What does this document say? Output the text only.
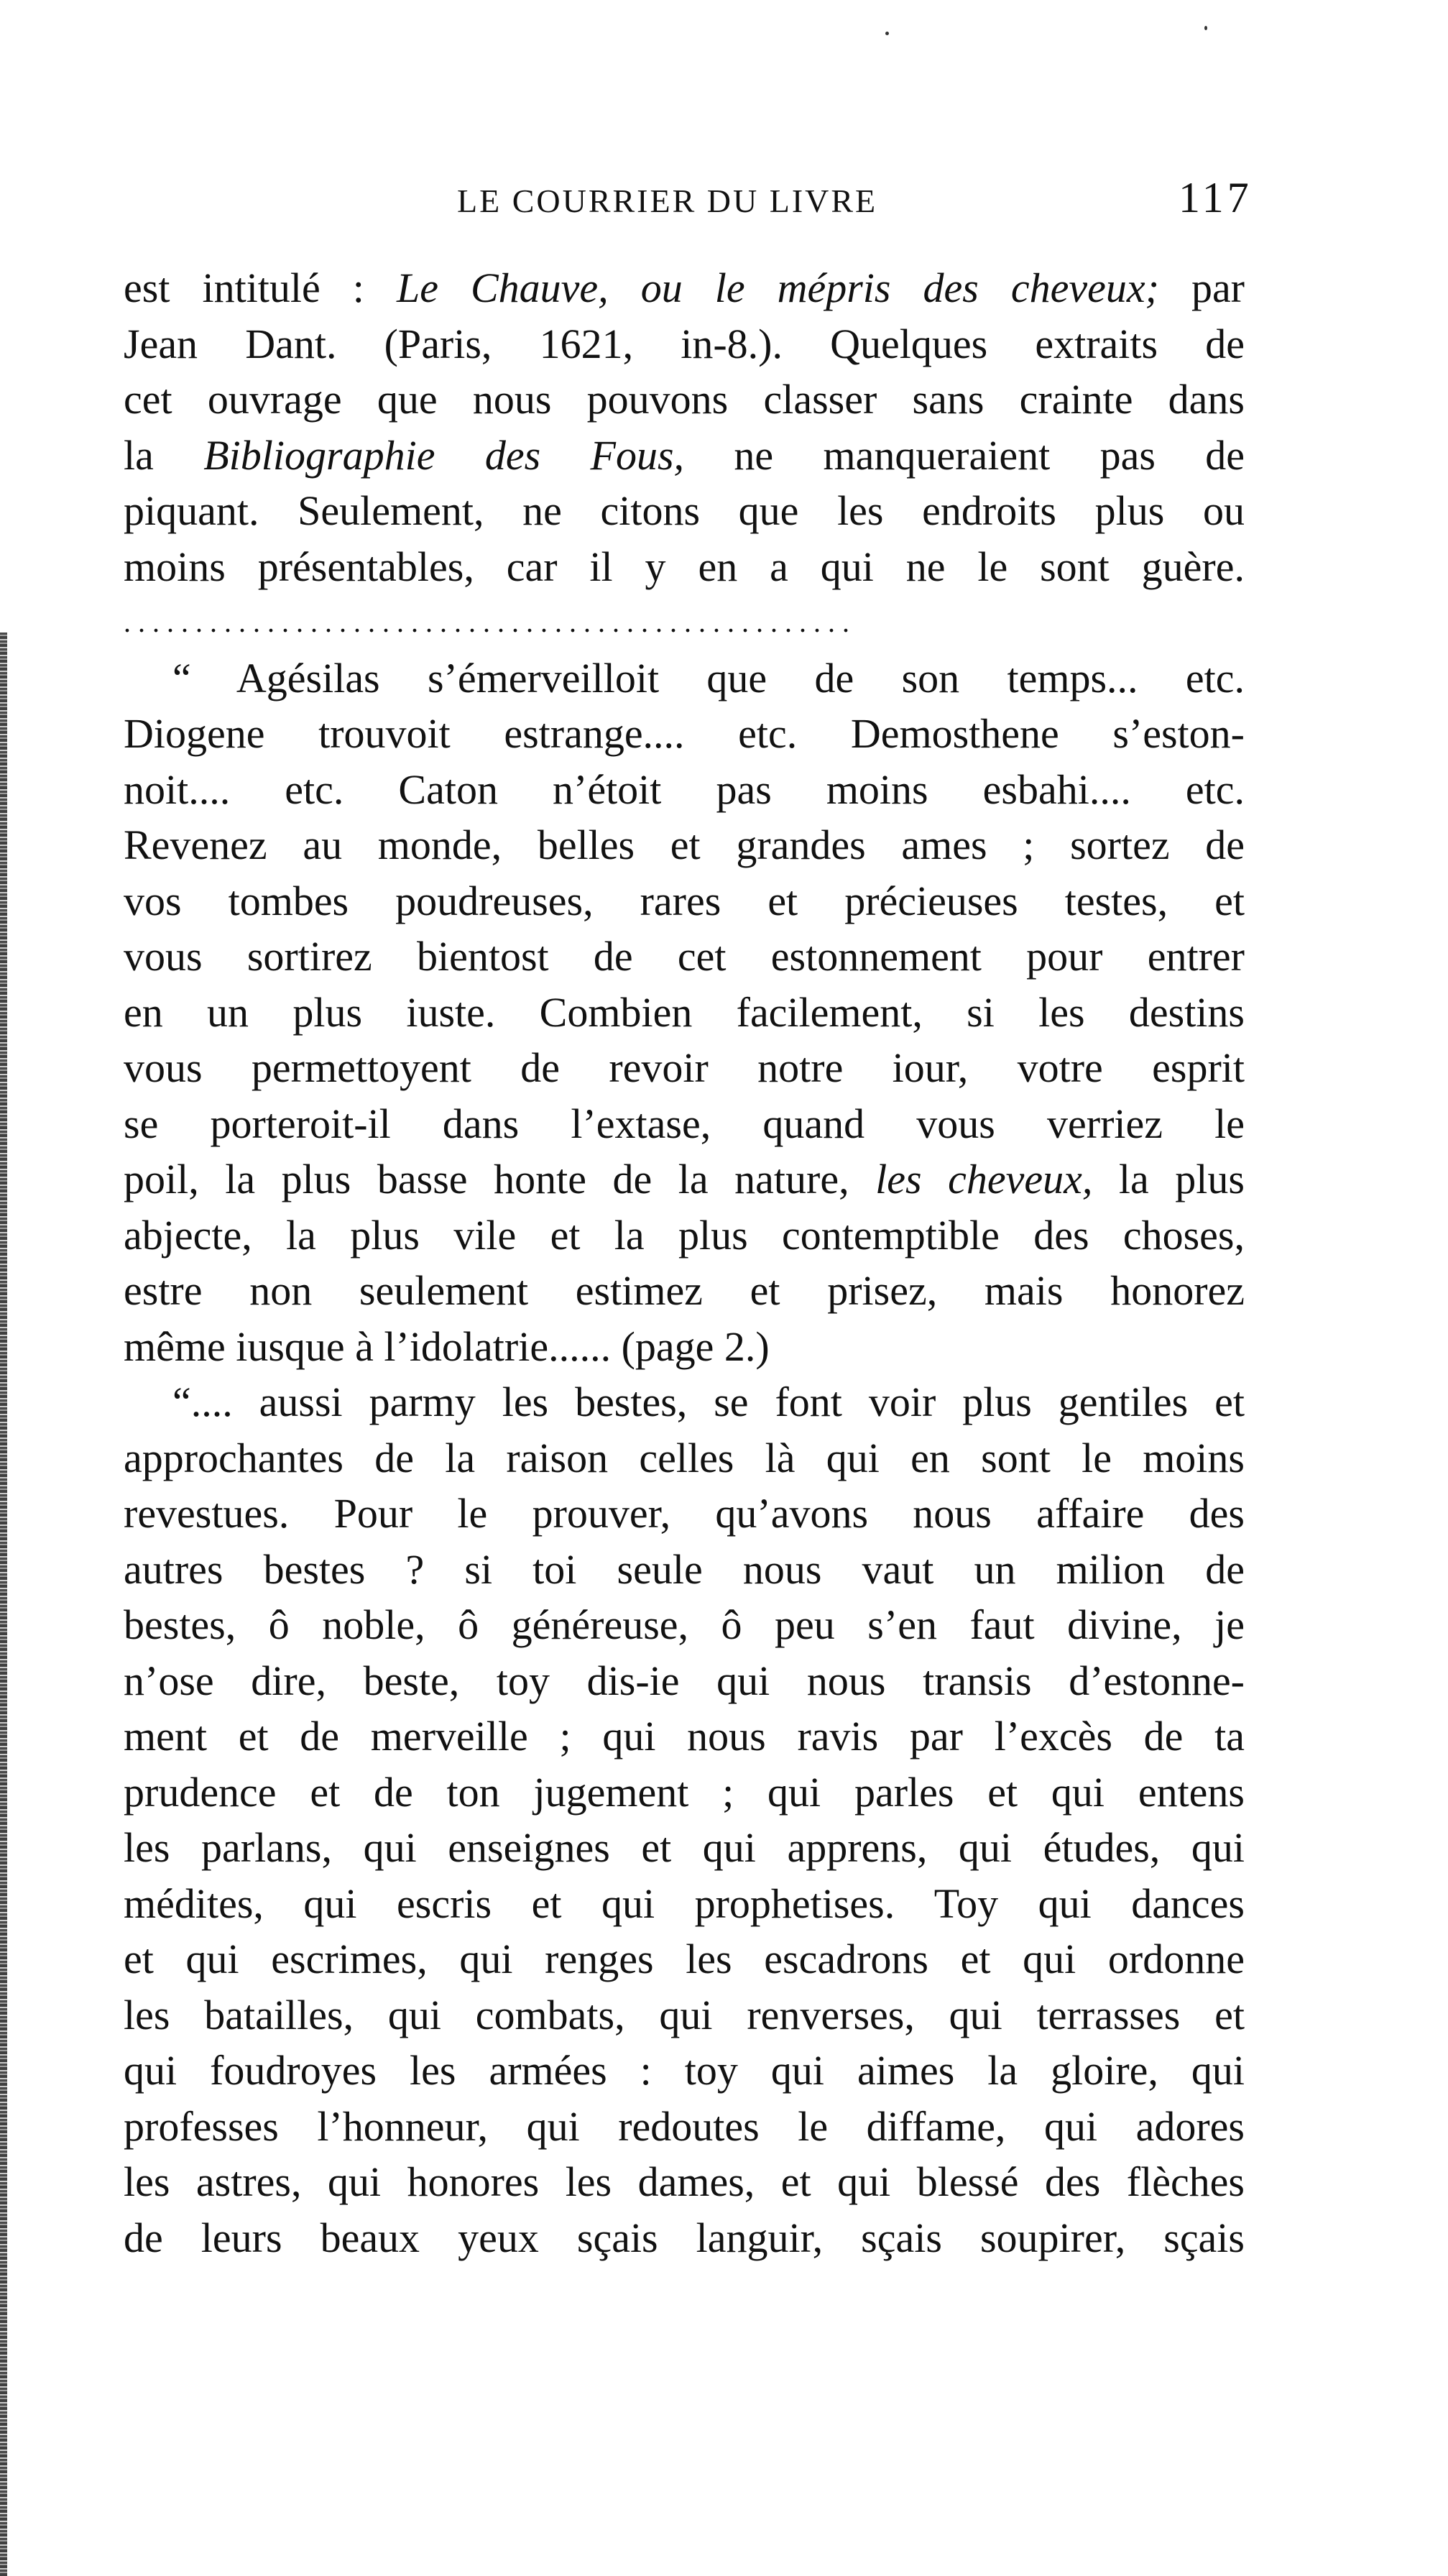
LE COURRIER DU LIVRE	117
est intitulé : Le Chauve, ou le mépris des cheveux; par
Jean Dant. (Paris, 1621, in-8.). Quelques extraits de
cet ouvrage que nous pouvons classer sans crainte dans
la Bibliographie des Fous, ne manqueraient pas de
piquant. Seulement, ne citons que les endroits plus ou
moins présentables, car il y en a qui ne le sont guère.
...................................................
“ Agésilas s’émerveilloit que de son temps... etc.
Diogene trouvoit estrange.... etc. Demosthene s’eston-
noit.... etc. Caton n’étoit pas moins esbahi.... etc.
Revenez au monde, belles et grandes ames ; sortez de
vos tombes poudreuses, rares et précieuses testes, et
vous sortirez bientost de cet estonnement pour entrer
en un plus iuste. Combien facilement, si les destins
vous permettoyent de revoir notre iour, votre esprit
se porteroit-il dans l’extase, quand vous verriez le
poil, la plus basse honte de la nature, les cheveux, la plus
abjecte, la plus vile et la plus contemptible des choses,
estre non seulement estimez et prisez, mais honorez
même iusque à l’idolatrie...... (page 2.)
“.... aussi parmy les bestes, se font voir plus gentiles et
approchantes de la raison celles là qui en sont le moins
revestues. Pour le prouver, qu’avons nous affaire des
autres bestes ? si toi seule nous vaut un milion de
bestes, ô noble, ô généreuse, ô peu s’en faut divine, je
n’ose dire, beste, toy dis-ie qui nous transis d’estonne-
ment et de merveille ; qui nous ravis par l’excès de ta
prudence et de ton jugement ; qui parles et qui entens
les parlans, qui enseignes et qui apprens, qui études, qui
médites, qui escris et qui prophetises. Toy qui dances
et qui escrimes, qui renges les escadrons et qui ordonne
les batailles, qui combats, qui renverses, qui terrasses et
qui foudroyes les armées : toy qui aimes la gloire, qui
professes l’honneur, qui redoutes le diffame, qui adores
les astres, qui honores les dames, et qui blessé des flèches
de leurs beaux yeux sçais languir, sçais soupirer, sçais
